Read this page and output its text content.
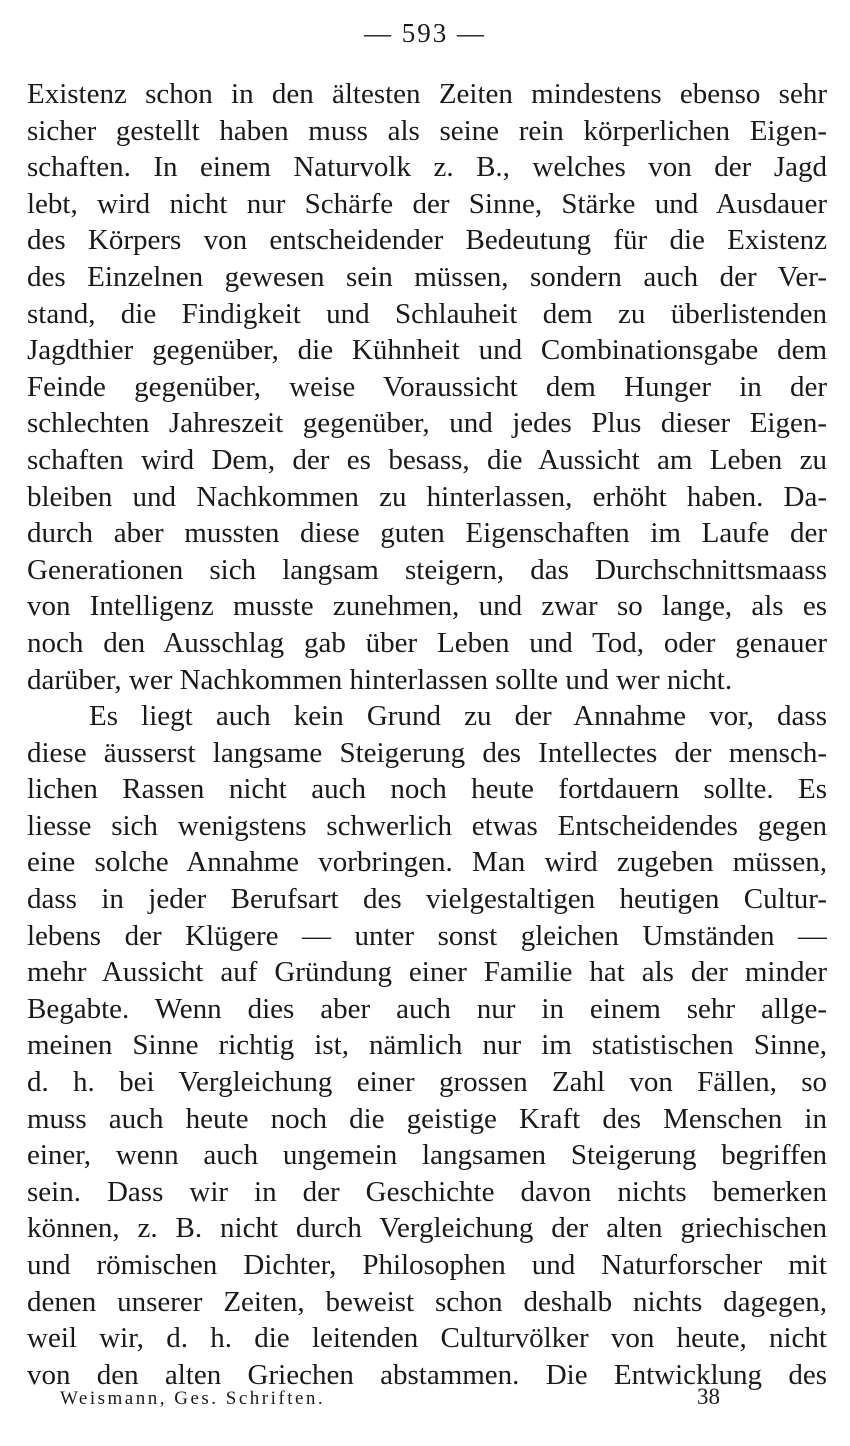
— 593 —
Existenz schon in den ältesten Zeiten mindestens ebenso sehr
sicher gestellt haben muss als seine rein körperlichen Eigen-
schaften. In einem Naturvolk z. B., welches von der Jagd
lebt, wird nicht nur Schärfe der Sinne, Stärke und Ausdauer
des Körpers von entscheidender Bedeutung für die Existenz
des Einzelnen gewesen sein müssen, sondern auch der Ver-
stand, die Findigkeit und Schlauheit dem zu überlistenden
Jagdthier gegenüber, die Kühnheit und Combinationsgabe dem
Feinde gegenüber, weise Voraussicht dem Hunger in der
schlechten Jahreszeit gegenüber, und jedes Plus dieser Eigen-
schaften wird Dem, der es besass, die Aussicht am Leben zu
bleiben und Nachkommen zu hinterlassen, erhöht haben. Da-
durch aber mussten diese guten Eigenschaften im Laufe der
Generationen sich langsam steigern, das Durchschnittsmaass
von Intelligenz musste zunehmen, und zwar so lange, als es
noch den Ausschlag gab über Leben und Tod, oder genauer
darüber, wer Nachkommen hinterlassen sollte und wer nicht.
Es liegt auch kein Grund zu der Annahme vor, dass
diese äusserst langsame Steigerung des Intellectes der mensch-
lichen Rassen nicht auch noch heute fortdauern sollte. Es
liesse sich wenigstens schwerlich etwas Entscheidendes gegen
eine solche Annahme vorbringen. Man wird zugeben müssen,
dass in jeder Berufsart des vielgestaltigen heutigen Cultur-
lebens der Klügere — unter sonst gleichen Umständen —
mehr Aussicht auf Gründung einer Familie hat als der minder
Begabte. Wenn dies aber auch nur in einem sehr allge-
meinen Sinne richtig ist, nämlich nur im statistischen Sinne,
d. h. bei Vergleichung einer grossen Zahl von Fällen, so
muss auch heute noch die geistige Kraft des Menschen in
einer, wenn auch ungemein langsamen Steigerung begriffen
sein. Dass wir in der Geschichte davon nichts bemerken
können, z. B. nicht durch Vergleichung der alten griechischen
und römischen Dichter, Philosophen und Naturforscher mit
denen unserer Zeiten, beweist schon deshalb nichts dagegen,
weil wir, d. h. die leitenden Culturvölker von heute, nicht
von den alten Griechen abstammen. Die Entwicklung des
Weismann, Ges. Schriften.	38
